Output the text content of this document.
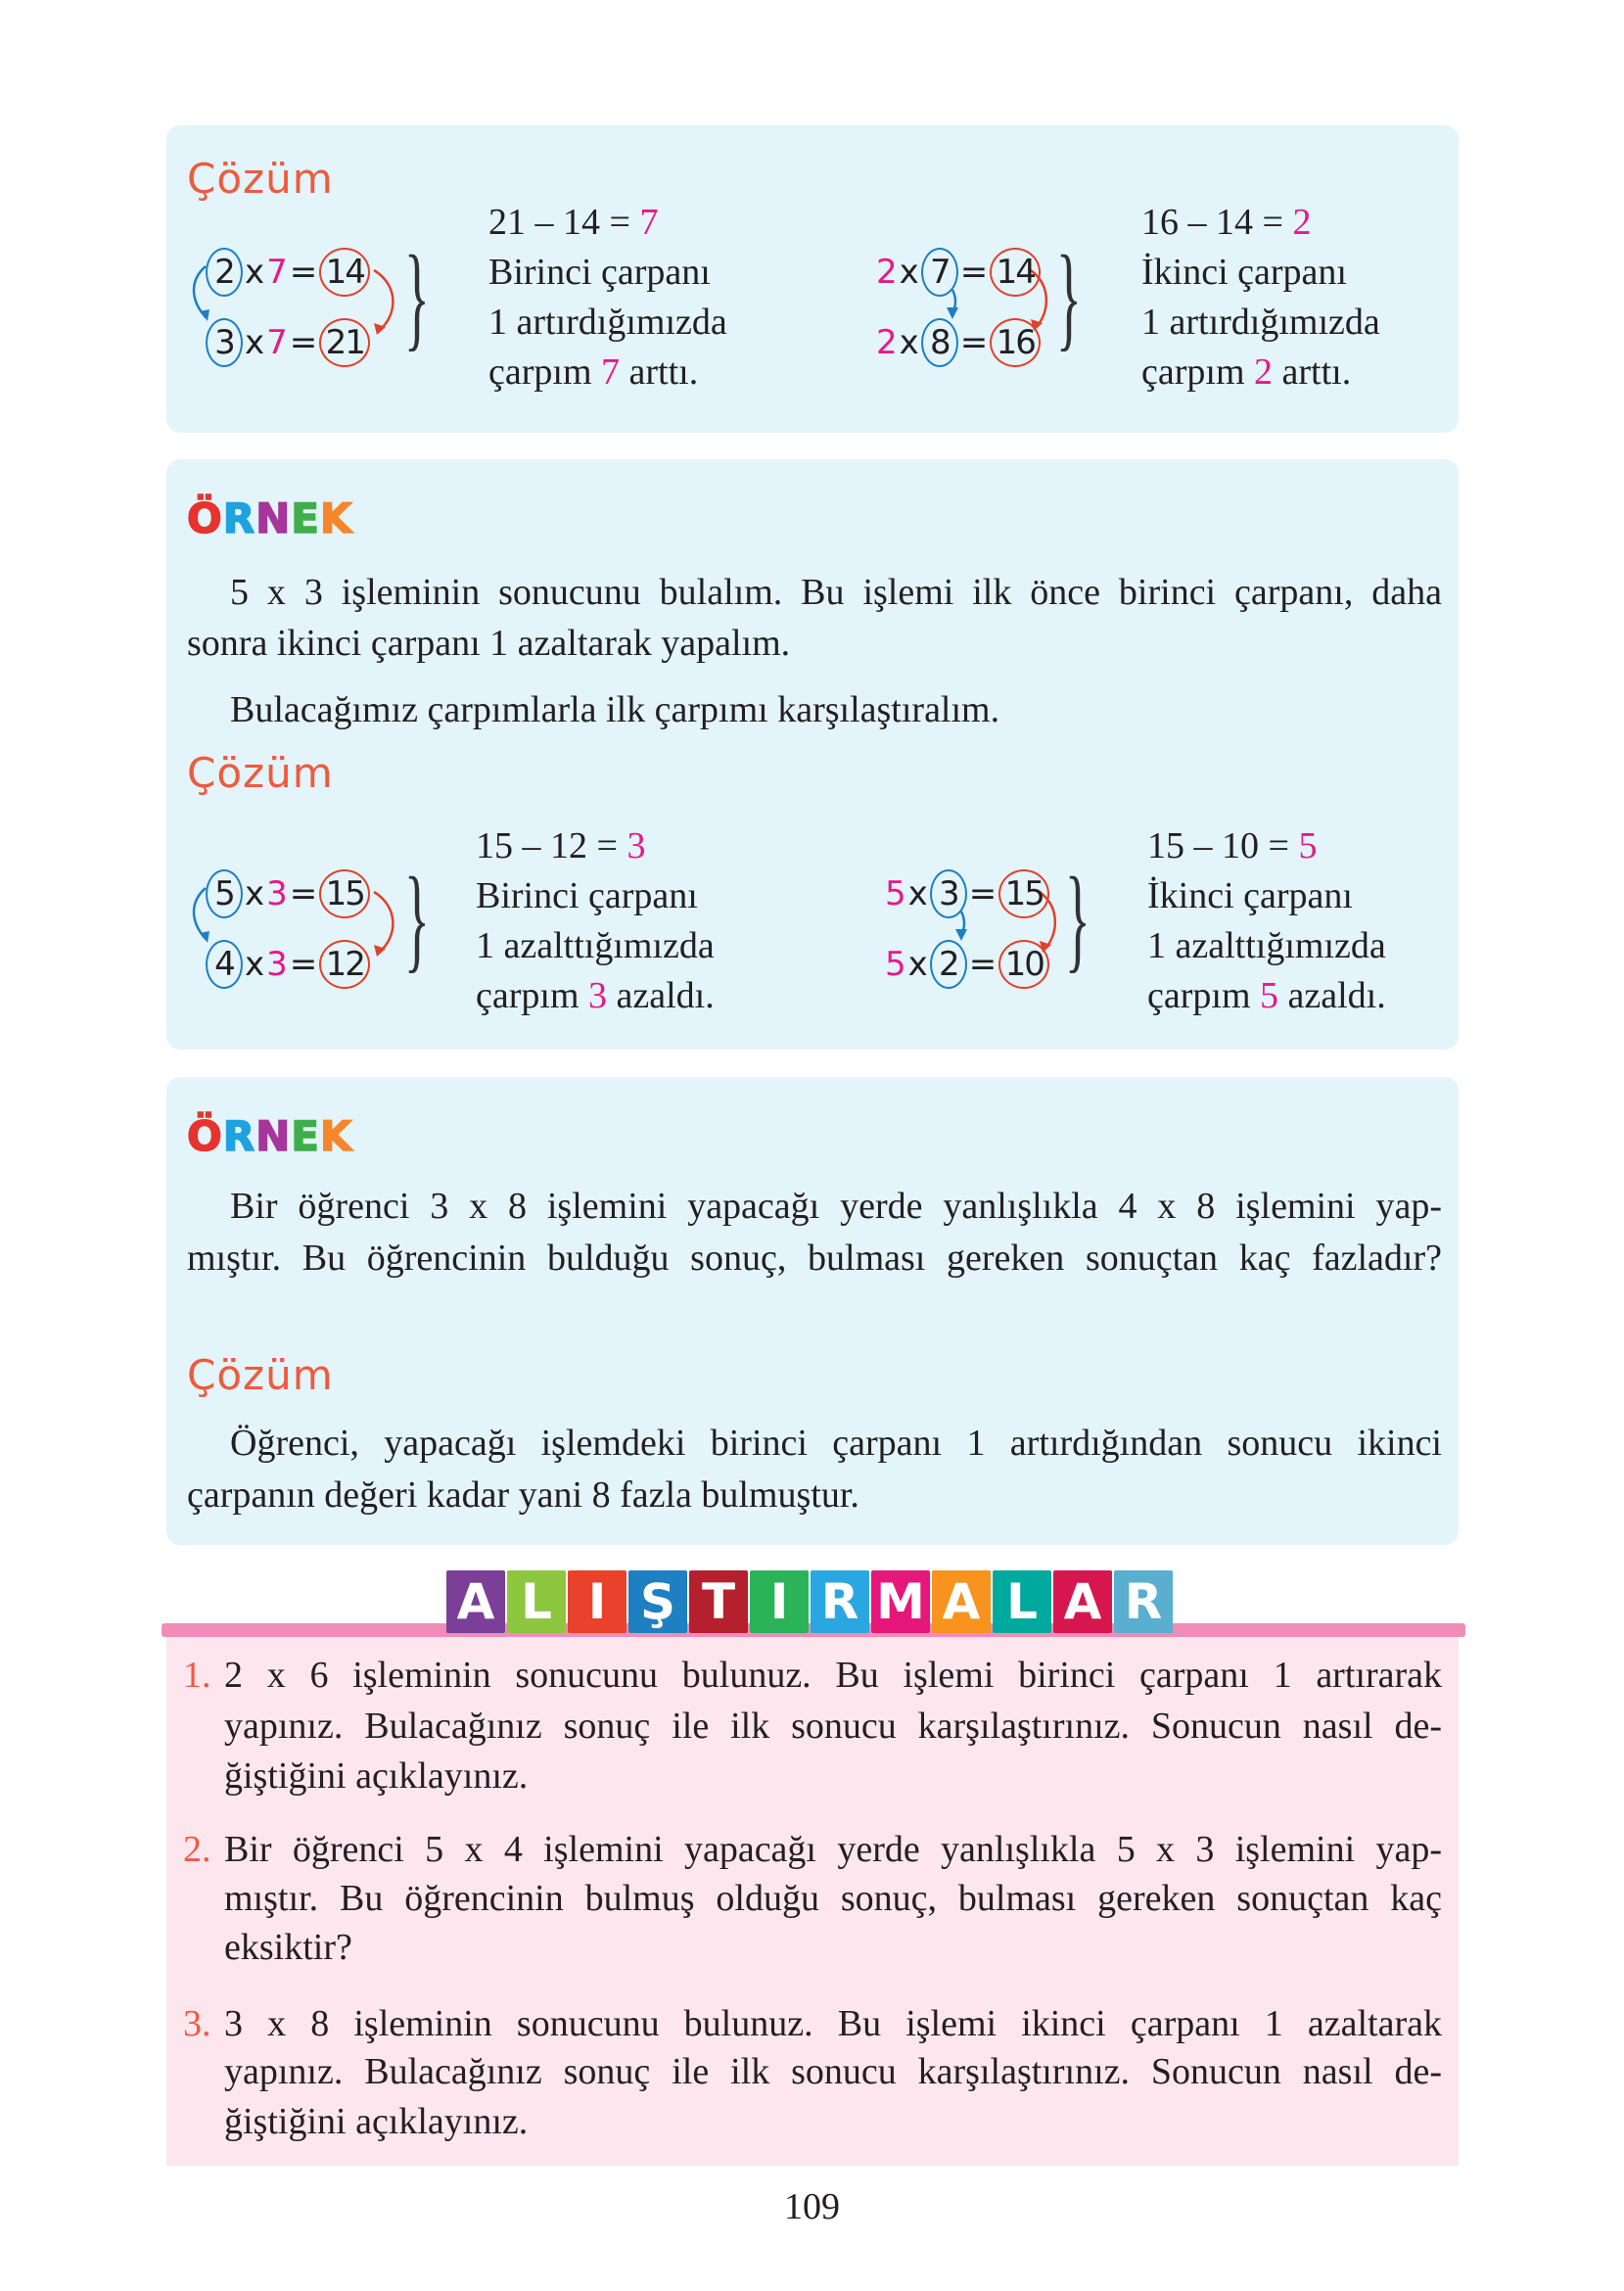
Çözüm
2 x 7 = 14
3 x 7 = 21 }
21 – 14 = 7
Birinci çarpanı
1 artırdığımızda
çarpım 7 arttı.
2 x 7 = 14
2 x 8 = 16 }
16 – 14 = 2
İkinci çarpanı
1 artırdığımızda
çarpım 2 arttı.
ÖRNEK
5 x 3 işleminin sonucunu bulalım. Bu işlemi ilk önce birinci çarpanı, daha
sonra ikinci çarpanı 1 azaltarak yapalım.
Bulacağımız çarpımlarla ilk çarpımı karşılaştıralım.
Çözüm
5 x 3 = 15
4 x 3 = 12 }
15 – 12 = 3
Birinci çarpanı
1 azalttığımızda
çarpım 3 azaldı.
5 x 3 = 15
5 x 2 = 10 }
15 – 10 = 5
İkinci çarpanı
1 azalttığımızda
çarpım 5 azaldı.
ÖRNEK
Bir öğrenci 3 x 8 işlemini yapacağı yerde yanlışlıkla 4 x 8 işlemini yap-
mıştır. Bu öğrencinin bulduğu sonuç, bulması gereken sonuçtan kaç fazladır?
Çözüm
Öğrenci, yapacağı işlemdeki birinci çarpanı 1 artırdığından sonucu ikinci
çarpanın değeri kadar yani 8 fazla bulmuştur.
A L I Ş T I R M A L A R
1. 2 x 6 işleminin sonucunu bulunuz. Bu işlemi birinci çarpanı 1 artırarak
yapınız. Bulacağınız sonuç ile ilk sonucu karşılaştırınız. Sonucun nasıl de-
ğiştiğini açıklayınız.
2. Bir öğrenci 5 x 4 işlemini yapacağı yerde yanlışlıkla 5 x 3 işlemini yap-
mıştır. Bu öğrencinin bulmuş olduğu sonuç, bulması gereken sonuçtan kaç
eksiktir?
3. 3 x 8 işleminin sonucunu bulunuz. Bu işlemi ikinci çarpanı 1 azaltarak
yapınız. Bulacağınız sonuç ile ilk sonucu karşılaştırınız. Sonucun nasıl de-
ğiştiğini açıklayınız.
109
